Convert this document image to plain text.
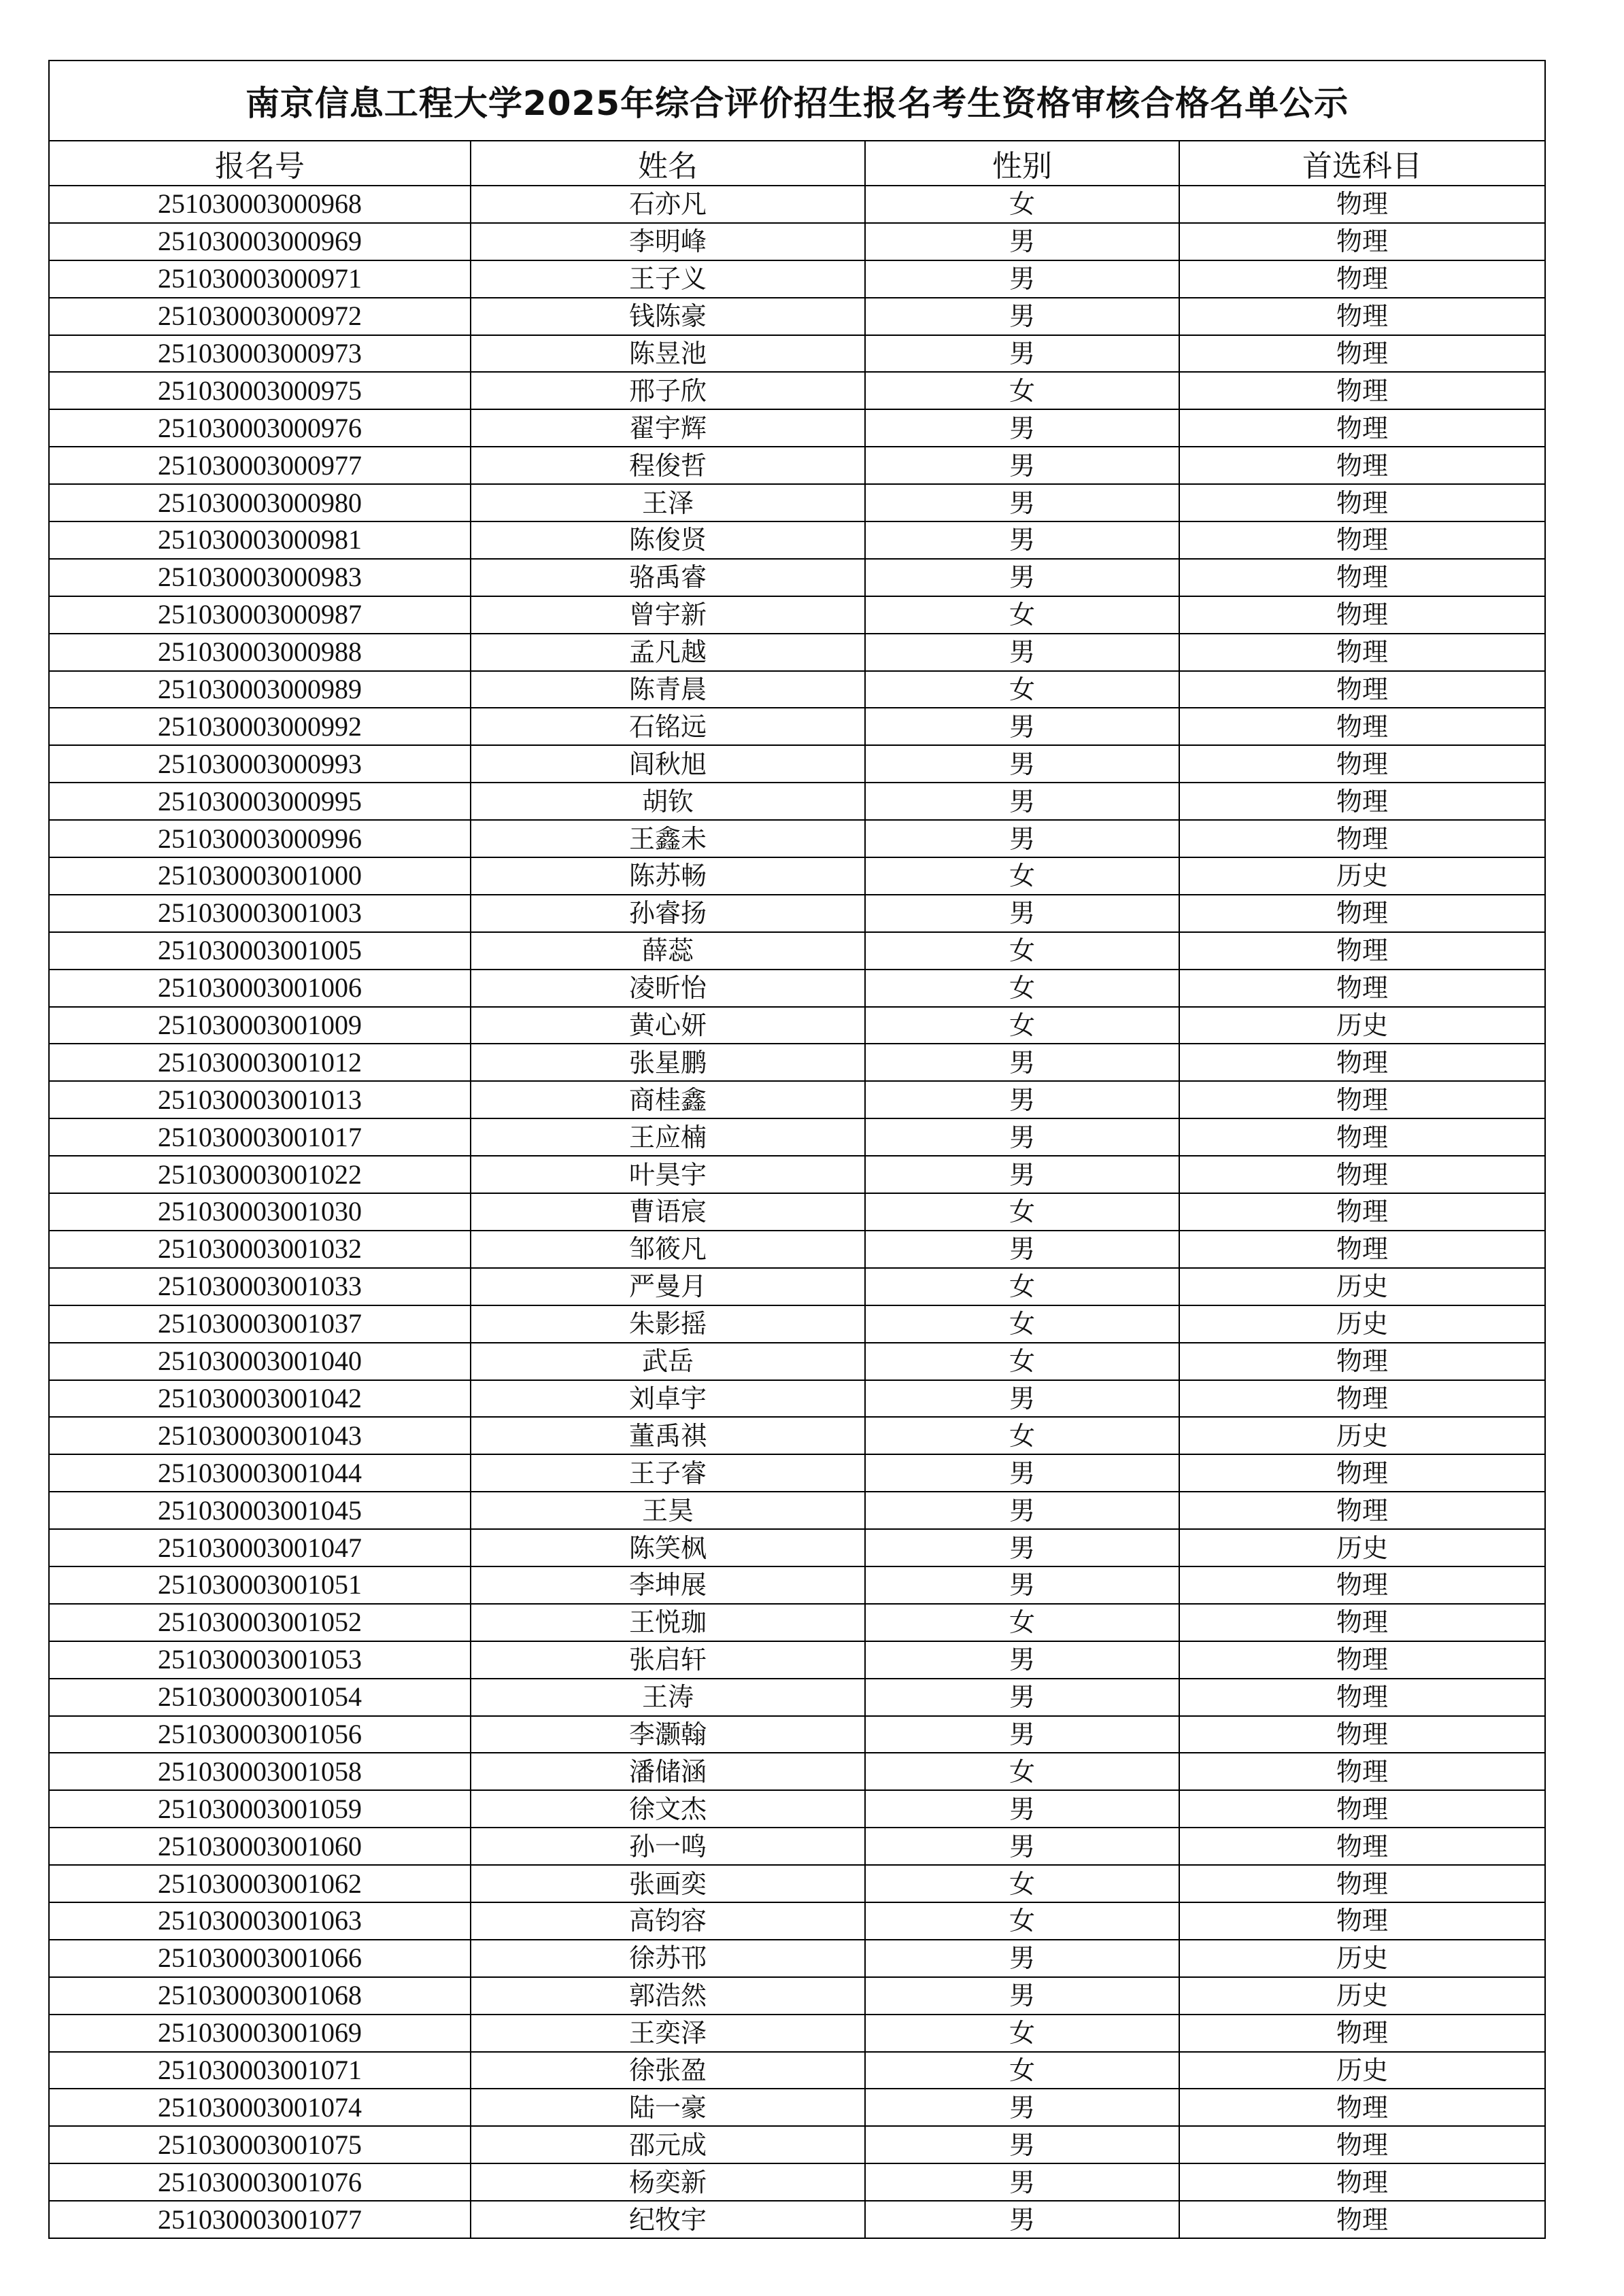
南京信息工程大学2025年综合评价招生报名考生资格审核合格名单公示			
报名号	姓名	性别	首选科目
251030003000968	石亦凡	女	物理
251030003000969	李明峰	男	物理
251030003000971	王子义	男	物理
251030003000972	钱陈豪	男	物理
251030003000973	陈昱池	男	物理
251030003000975	邢子欣	女	物理
251030003000976	翟宇辉	男	物理
251030003000977	程俊哲	男	物理
251030003000980	王泽	男	物理
251030003000981	陈俊贤	男	物理
251030003000983	骆禹睿	男	物理
251030003000987	曾宇新	女	物理
251030003000988	孟凡越	男	物理
251030003000989	陈青晨	女	物理
251030003000992	石铭远	男	物理
251030003000993	闾秋旭	男	物理
251030003000995	胡钦	男	物理
251030003000996	王鑫未	男	物理
251030003001000	陈苏畅	女	历史
251030003001003	孙睿扬	男	物理
251030003001005	薛蕊	女	物理
251030003001006	凌昕怡	女	物理
251030003001009	黄心妍	女	历史
251030003001012	张星鹏	男	物理
251030003001013	商桂鑫	男	物理
251030003001017	王应楠	男	物理
251030003001022	叶昊宇	男	物理
251030003001030	曹语宸	女	物理
251030003001032	邹筱凡	男	物理
251030003001033	严曼月	女	历史
251030003001037	朱影摇	女	历史
251030003001040	武岳	女	物理
251030003001042	刘卓宇	男	物理
251030003001043	董禹祺	女	历史
251030003001044	王子睿	男	物理
251030003001045	王昊	男	物理
251030003001047	陈笑枫	男	历史
251030003001051	李坤展	男	物理
251030003001052	王悦珈	女	物理
251030003001053	张启轩	男	物理
251030003001054	王涛	男	物理
251030003001056	李灏翰	男	物理
251030003001058	潘储涵	女	物理
251030003001059	徐文杰	男	物理
251030003001060	孙一鸣	男	物理
251030003001062	张画奕	女	物理
251030003001063	高钧容	女	物理
251030003001066	徐苏邗	男	历史
251030003001068	郭浩然	男	历史
251030003001069	王奕泽	女	物理
251030003001071	徐张盈	女	历史
251030003001074	陆一豪	男	物理
251030003001075	邵元成	男	物理
251030003001076	杨奕新	男	物理
251030003001077	纪牧宇	男	物理
